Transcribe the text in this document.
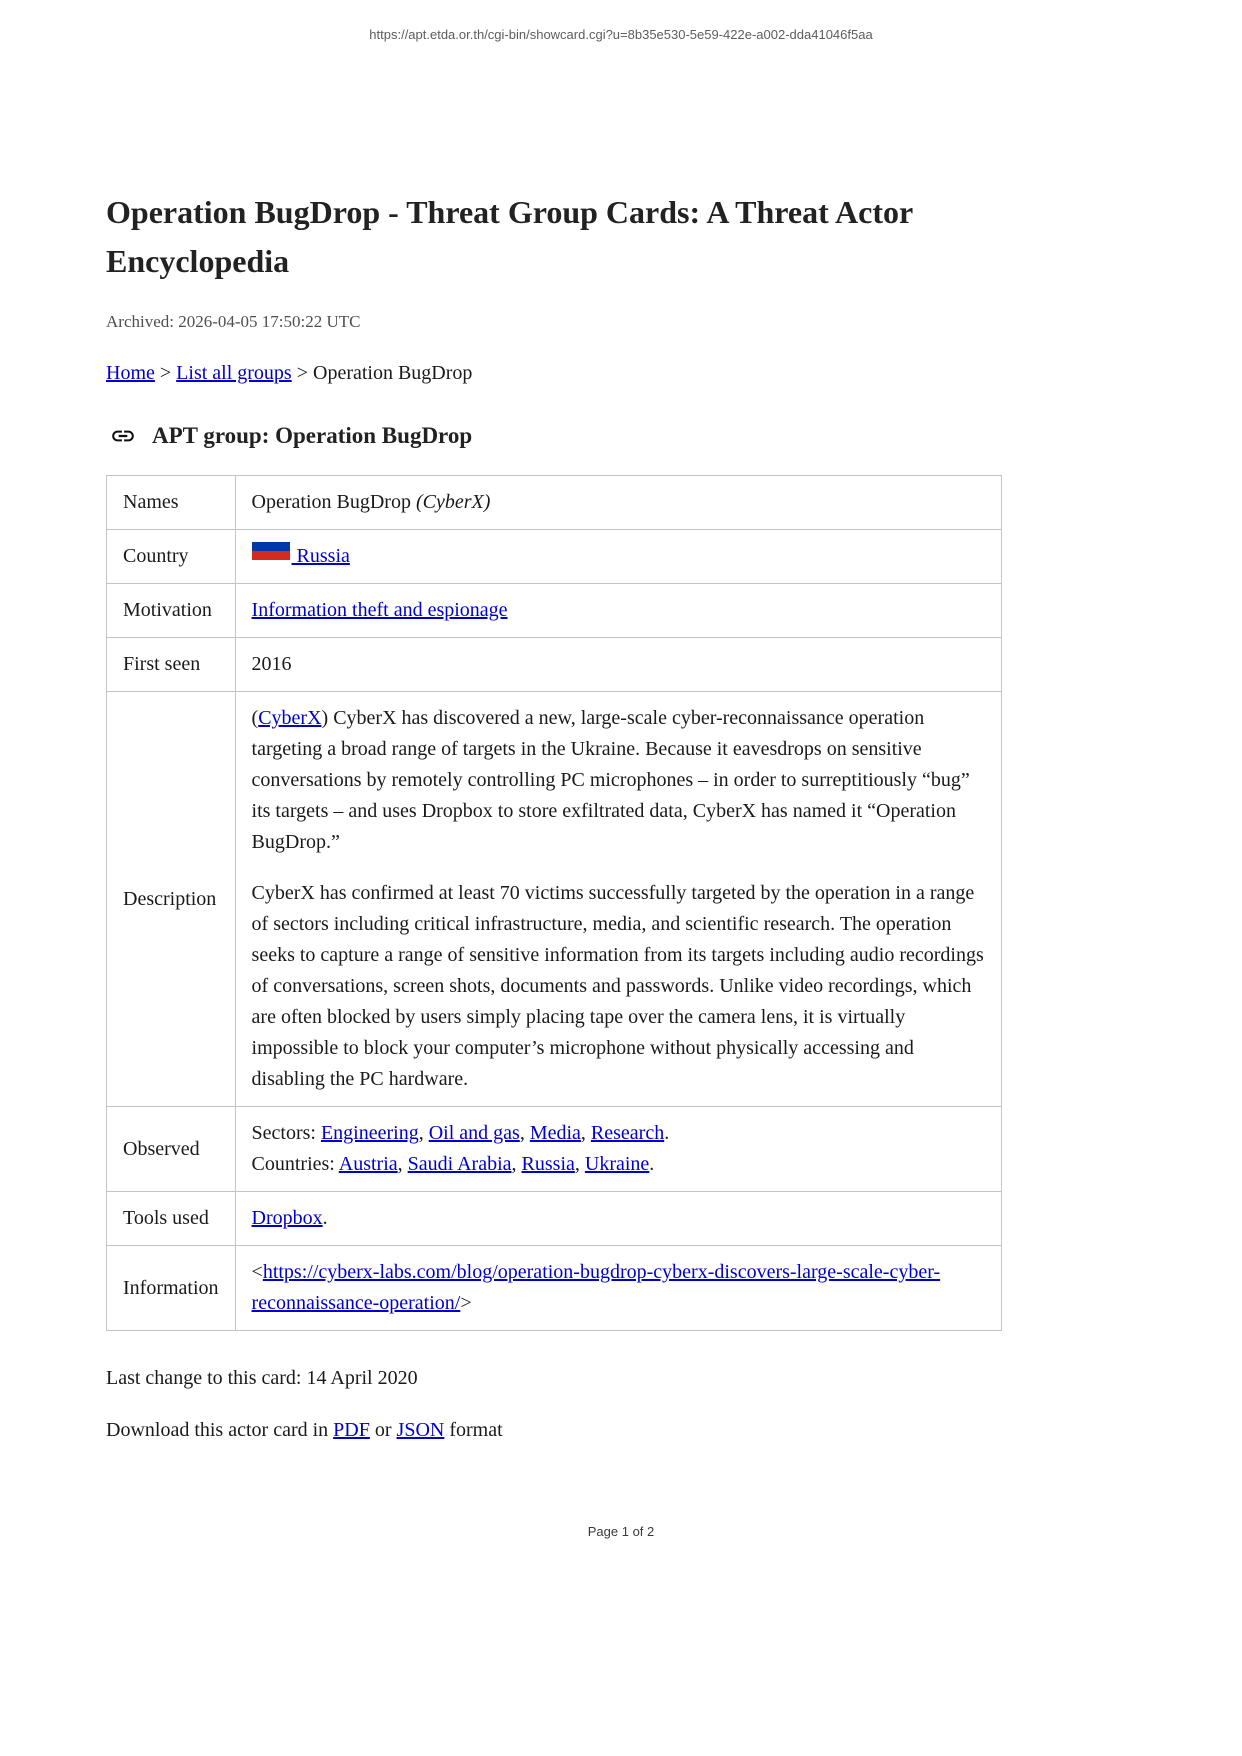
https://apt.etda.or.th/cgi-bin/showcard.cgi?u=8b35e530-5e59-422e-a002-dda41046f5aa
Operation BugDrop - Threat Group Cards: A Threat Actor Encyclopedia
Archived: 2026-04-05 17:50:22 UTC
Home > List all groups > Operation BugDrop
APT group: Operation BugDrop
Names	Operation BugDrop (CyberX)
Country	Russia
Motivation	Information theft and espionage
First seen	2016
Description	(CyberX) CyberX has discovered a new, large-scale cyber-reconnaissance operation targeting a broad range of targets in the Ukraine. Because it eavesdrops on sensitive conversations by remotely controlling PC microphones – in order to surreptitiously “bug” its targets – and uses Dropbox to store exfiltrated data, CyberX has named it “Operation BugDrop.”

CyberX has confirmed at least 70 victims successfully targeted by the operation in a range of sectors including critical infrastructure, media, and scientific research. The operation seeks to capture a range of sensitive information from its targets including audio recordings of conversations, screen shots, documents and passwords. Unlike video recordings, which are often blocked by users simply placing tape over the camera lens, it is virtually impossible to block your computer’s microphone without physically accessing and disabling the PC hardware.

Observed	Sectors: Engineering, Oil and gas, Media, Research.
Countries: Austria, Saudi Arabia, Russia, Ukraine.

Tools used	Dropbox.
Information	<https://cyberx-labs.com/blog/operation-bugdrop-cyberx-discovers-large-scale-cyber-reconnaissance-operation/>
Last change to this card: 14 April 2020
Download this actor card in PDF or JSON format
Page 1 of 2
